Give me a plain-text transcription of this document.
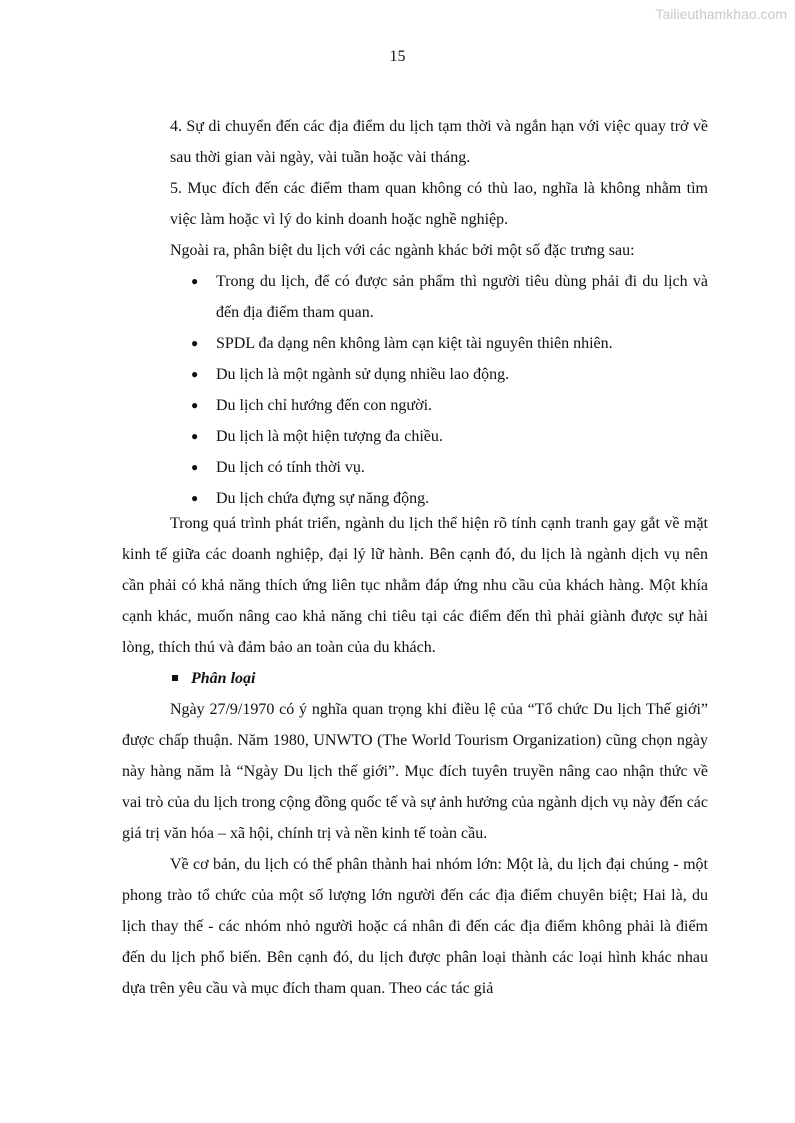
Tailieuthamkhao.com
15

4. Sự di chuyển đến các địa điểm du lịch tạm thời và ngắn hạn với việc quay trở về sau thời gian vài ngày, vài tuần hoặc vài tháng.

5. Mục đích đến các điểm tham quan không có thù lao, nghĩa là không nhằm tìm việc làm hoặc vì lý do kinh doanh hoặc nghề nghiệp.

Ngoài ra, phân biệt du lịch với các ngành khác bởi một số đặc trưng sau:

● Trong du lịch, để có được sản phẩm thì người tiêu dùng phải đi du lịch và đến địa điểm tham quan.
● SPDL đa dạng nên không làm cạn kiệt tài nguyên thiên nhiên.
● Du lịch là một ngành sử dụng nhiều lao động.
● Du lịch chỉ hướng đến con người.
● Du lịch là một hiện tượng đa chiều.
● Du lịch có tính thời vụ.
● Du lịch chứa đựng sự năng động.

Trong quá trình phát triển, ngành du lịch thể hiện rõ tính cạnh tranh gay gắt về mặt kinh tế giữa các doanh nghiệp, đại lý lữ hành. Bên cạnh đó, du lịch là ngành dịch vụ nên cần phải có khả năng thích ứng liên tục nhằm đáp ứng nhu cầu của khách hàng. Một khía cạnh khác, muốn nâng cao khả năng chi tiêu tại các điểm đến thì phải giành được sự hài lòng, thích thú và đảm bảo an toàn của du khách.

Phân loại

Ngày 27/9/1970 có ý nghĩa quan trọng khi điều lệ của “Tổ chức Du lịch Thế giới” được chấp thuận. Năm 1980, UNWTO (The World Tourism Organization) cũng chọn ngày này hàng năm là “Ngày Du lịch thế giới”. Mục đích tuyên truyền nâng cao nhận thức về vai trò của du lịch trong cộng đồng quốc tế và sự ảnh hưởng của ngành dịch vụ này đến các giá trị văn hóa – xã hội, chính trị và nền kinh tế toàn cầu.

Về cơ bản, du lịch có thể phân thành hai nhóm lớn: Một là, du lịch đại chúng - một phong trào tổ chức của một số lượng lớn người đến các địa điểm chuyên biệt; Hai là, du lịch thay thế - các nhóm nhỏ người hoặc cá nhân đi đến các địa điểm không phải là điểm đến du lịch phổ biến. Bên cạnh đó, du lịch được phân loại thành các loại hình khác nhau dựa trên yêu cầu và mục đích tham quan. Theo các tác giả
